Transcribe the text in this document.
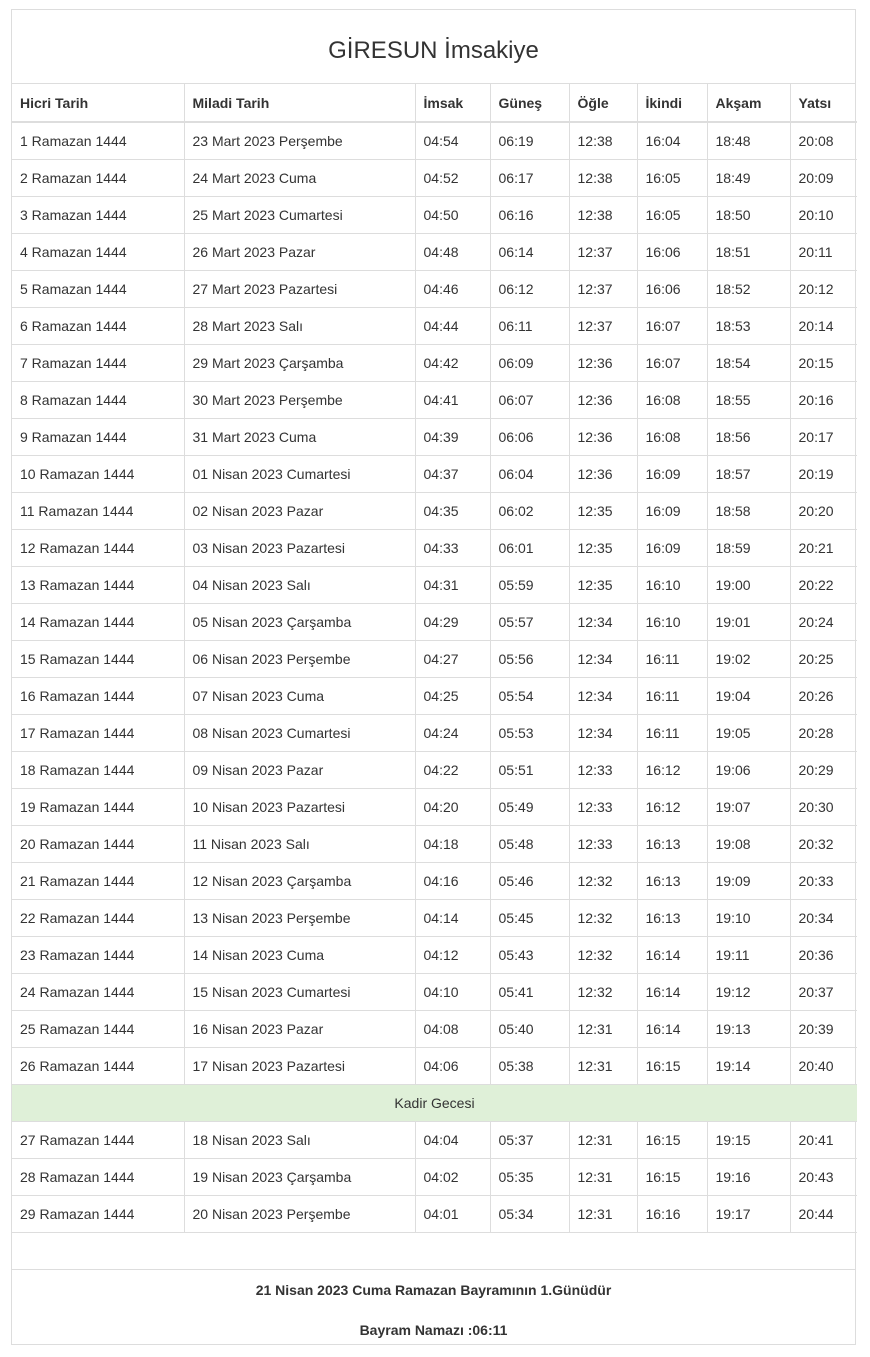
GİRESUN İmsakiye
Hicri Tarih	Miladi Tarih	İmsak	Güneş	Öğle	İkindi	Akşam	Yatsı
1 Ramazan 1444	23 Mart 2023 Perşembe	04:54	06:19	12:38	16:04	18:48	20:08
2 Ramazan 1444	24 Mart 2023 Cuma	04:52	06:17	12:38	16:05	18:49	20:09
3 Ramazan 1444	25 Mart 2023 Cumartesi	04:50	06:16	12:38	16:05	18:50	20:10
4 Ramazan 1444	26 Mart 2023 Pazar	04:48	06:14	12:37	16:06	18:51	20:11
5 Ramazan 1444	27 Mart 2023 Pazartesi	04:46	06:12	12:37	16:06	18:52	20:12
6 Ramazan 1444	28 Mart 2023 Salı	04:44	06:11	12:37	16:07	18:53	20:14
7 Ramazan 1444	29 Mart 2023 Çarşamba	04:42	06:09	12:36	16:07	18:54	20:15
8 Ramazan 1444	30 Mart 2023 Perşembe	04:41	06:07	12:36	16:08	18:55	20:16
9 Ramazan 1444	31 Mart 2023 Cuma	04:39	06:06	12:36	16:08	18:56	20:17
10 Ramazan 1444	01 Nisan 2023 Cumartesi	04:37	06:04	12:36	16:09	18:57	20:19
11 Ramazan 1444	02 Nisan 2023 Pazar	04:35	06:02	12:35	16:09	18:58	20:20
12 Ramazan 1444	03 Nisan 2023 Pazartesi	04:33	06:01	12:35	16:09	18:59	20:21
13 Ramazan 1444	04 Nisan 2023 Salı	04:31	05:59	12:35	16:10	19:00	20:22
14 Ramazan 1444	05 Nisan 2023 Çarşamba	04:29	05:57	12:34	16:10	19:01	20:24
15 Ramazan 1444	06 Nisan 2023 Perşembe	04:27	05:56	12:34	16:11	19:02	20:25
16 Ramazan 1444	07 Nisan 2023 Cuma	04:25	05:54	12:34	16:11	19:04	20:26
17 Ramazan 1444	08 Nisan 2023 Cumartesi	04:24	05:53	12:34	16:11	19:05	20:28
18 Ramazan 1444	09 Nisan 2023 Pazar	04:22	05:51	12:33	16:12	19:06	20:29
19 Ramazan 1444	10 Nisan 2023 Pazartesi	04:20	05:49	12:33	16:12	19:07	20:30
20 Ramazan 1444	11 Nisan 2023 Salı	04:18	05:48	12:33	16:13	19:08	20:32
21 Ramazan 1444	12 Nisan 2023 Çarşamba	04:16	05:46	12:32	16:13	19:09	20:33
22 Ramazan 1444	13 Nisan 2023 Perşembe	04:14	05:45	12:32	16:13	19:10	20:34
23 Ramazan 1444	14 Nisan 2023 Cuma	04:12	05:43	12:32	16:14	19:11	20:36
24 Ramazan 1444	15 Nisan 2023 Cumartesi	04:10	05:41	12:32	16:14	19:12	20:37
25 Ramazan 1444	16 Nisan 2023 Pazar	04:08	05:40	12:31	16:14	19:13	20:39
26 Ramazan 1444	17 Nisan 2023 Pazartesi	04:06	05:38	12:31	16:15	19:14	20:40
Kadir Gecesi							
27 Ramazan 1444	18 Nisan 2023 Salı	04:04	05:37	12:31	16:15	19:15	20:41
28 Ramazan 1444	19 Nisan 2023 Çarşamba	04:02	05:35	12:31	16:15	19:16	20:43
29 Ramazan 1444	20 Nisan 2023 Perşembe	04:01	05:34	12:31	16:16	19:17	20:44

21 Nisan 2023 Cuma Ramazan Bayramının 1.Günüdür

Bayram Namazı :06:11
